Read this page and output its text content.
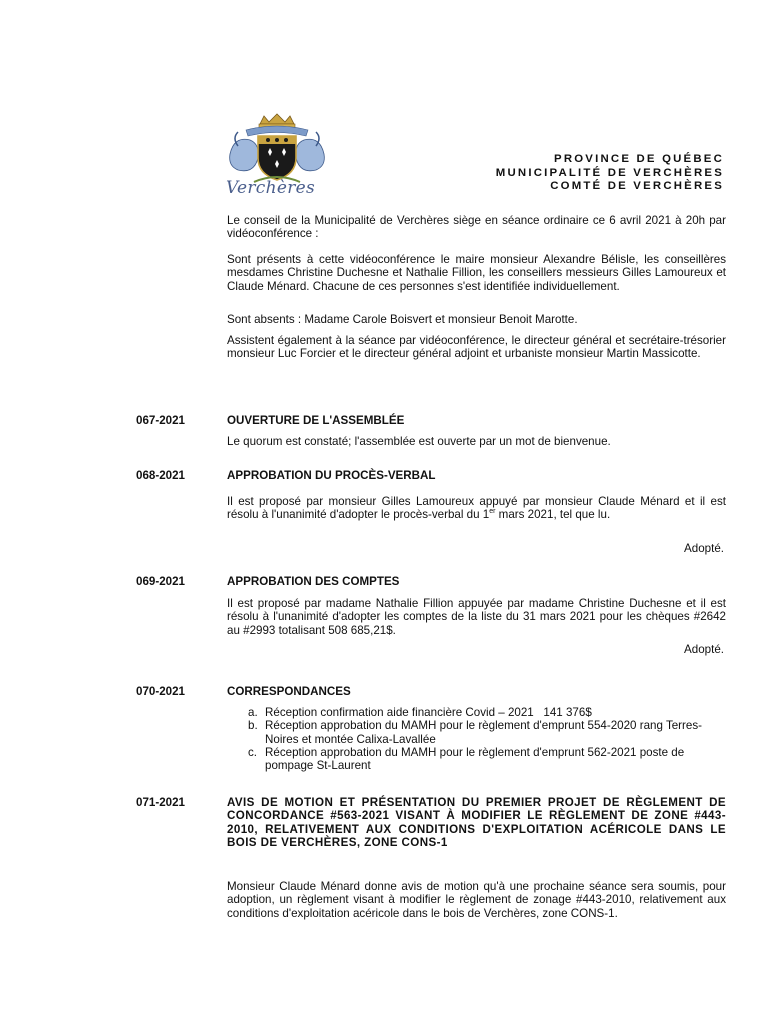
Verchères
PROVINCE DE QUÉBEC
MUNICIPALITÉ DE VERCHÈRES
COMTÉ DE VERCHÈRES
Le conseil de la Municipalité de Verchères siège en séance ordinaire ce 6 avril 2021 à 20h par vidéoconférence :
Sont présents à cette vidéoconférence le maire monsieur Alexandre Bélisle, les conseillères mesdames Christine Duchesne et Nathalie Fillion, les conseillers messieurs Gilles Lamoureux et Claude Ménard. Chacune de ces personnes s'est identifiée individuellement.
Sont absents : Madame Carole Boisvert et monsieur Benoit Marotte.
Assistent également à la séance par vidéoconférence, le directeur général et secrétaire-trésorier monsieur Luc Forcier et le directeur général adjoint et urbaniste monsieur Martin Massicotte.
067-2021	OUVERTURE DE L'ASSEMBLÉE
Le quorum est constaté; l'assemblée est ouverte par un mot de bienvenue.
068-2021	APPROBATION DU PROCÈS-VERBAL
Il est proposé par monsieur Gilles Lamoureux appuyé par monsieur Claude Ménard et il est résolu à l'unanimité d'adopter le procès-verbal du 1er mars 2021, tel que lu.
Adopté.
069-2021	APPROBATION DES COMPTES
Il est proposé par madame Nathalie Fillion appuyée par madame Christine Duchesne et il est résolu à l'unanimité d'adopter les comptes de la liste du 31 mars 2021 pour les chèques #2642 au #2993 totalisant 508 685,21$.
Adopté.
070-2021	CORRESPONDANCES
a. Réception confirmation aide financière Covid – 2021   141 376$
b. Réception approbation du MAMH pour le règlement d'emprunt 554-2020 rang Terres-Noires et montée Calixa-Lavallée
c. Réception approbation du MAMH pour le règlement d'emprunt 562-2021 poste de pompage St-Laurent
071-2021	AVIS DE MOTION ET PRÉSENTATION DU PREMIER PROJET DE RÈGLEMENT DE CONCORDANCE #563-2021 VISANT À MODIFIER LE RÈGLEMENT DE ZONE #443-2010, RELATIVEMENT AUX CONDITIONS D'EXPLOITATION ACÉRICOLE DANS LE BOIS DE VERCHÈRES, ZONE CONS-1
Monsieur Claude Ménard donne avis de motion qu'à une prochaine séance sera soumis, pour adoption, un règlement visant à modifier le règlement de zonage #443-2010, relativement aux conditions d'exploitation acéricole dans le bois de Verchères, zone CONS-1.
